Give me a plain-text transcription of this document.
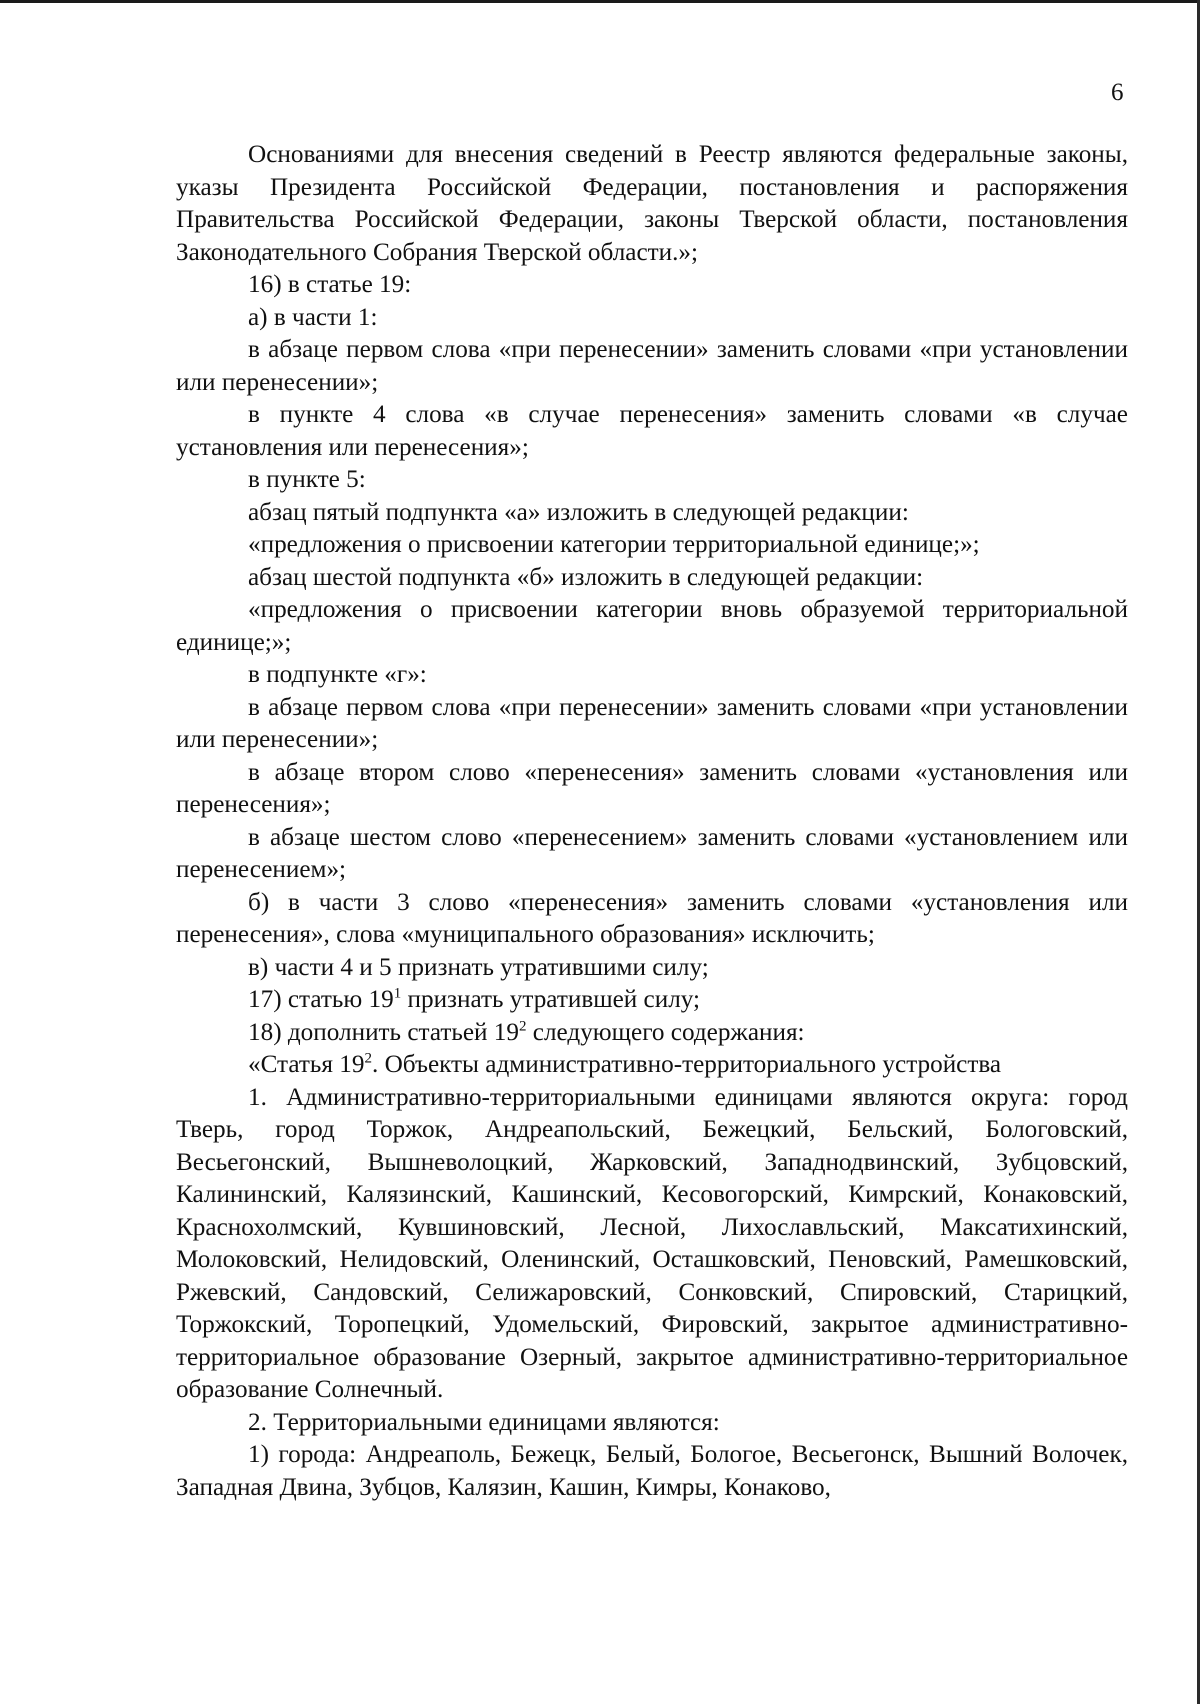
6

Основаниями для внесения сведений в Реестр являются федеральные законы, указы Президента Российской Федерации, постановления и распоряжения Правительства Российской Федерации, законы Тверской области, постановления Законодательного Собрания Тверской области.»;

16) в статье 19:

а) в части 1:

в абзаце первом слова «при перенесении» заменить словами «при установлении или перенесении»;

в пункте 4 слова «в случае перенесения» заменить словами «в случае установления или перенесения»;

в пункте 5:

абзац пятый подпункта «а» изложить в следующей редакции:

«предложения о присвоении категории территориальной единице;»;

абзац шестой подпункта «б» изложить в следующей редакции:

«предложения о присвоении категории вновь образуемой территориальной единице;»;

в подпункте «г»:

в абзаце первом слова «при перенесении» заменить словами «при установлении или перенесении»;

в абзаце втором слово «перенесения» заменить словами «установления или перенесения»;

в абзаце шестом слово «перенесением» заменить словами «установлением или перенесением»;

б) в части 3 слово «перенесения» заменить словами «установления или перенесения», слова «муниципального образования» исключить;

в) части 4 и 5 признать утратившими силу;

17) статью $19^1$ признать утратившей силу;

18) дополнить статьей $19^2$ следующего содержания:

«Статья $19^2$. Объекты административно-территориального устройства

1. Административно-территориальными единицами являются округа: город Тверь, город Торжок, Андреапольский, Бежецкий, Бельский, Бологовский, Весьегонский, Вышневолоцкий, Жарковский, Западнодвинский, Зубцовский, Калининский, Калязинский, Кашинский, Кесовогорский, Кимрский, Конаковский, Краснохолмский, Кувшиновский, Лесной, Лихославльский, Максатихинский, Молоковский, Нелидовский, Оленинский, Осташковский, Пеновский, Рамешковский, Ржевский, Сандовский, Селижаровский, Сонковский, Спировский, Старицкий, Торжокский, Торопецкий, Удомельский, Фировский, закрытое административно-территориальное образование Озерный, закрытое административно-территориальное образование Солнечный.

2. Территориальными единицами являются:

1) города: Андреаполь, Бежецк, Белый, Бологое, Весьегонск, Вышний Волочек, Западная Двина, Зубцов, Калязин, Кашин, Кимры, Конаково,
